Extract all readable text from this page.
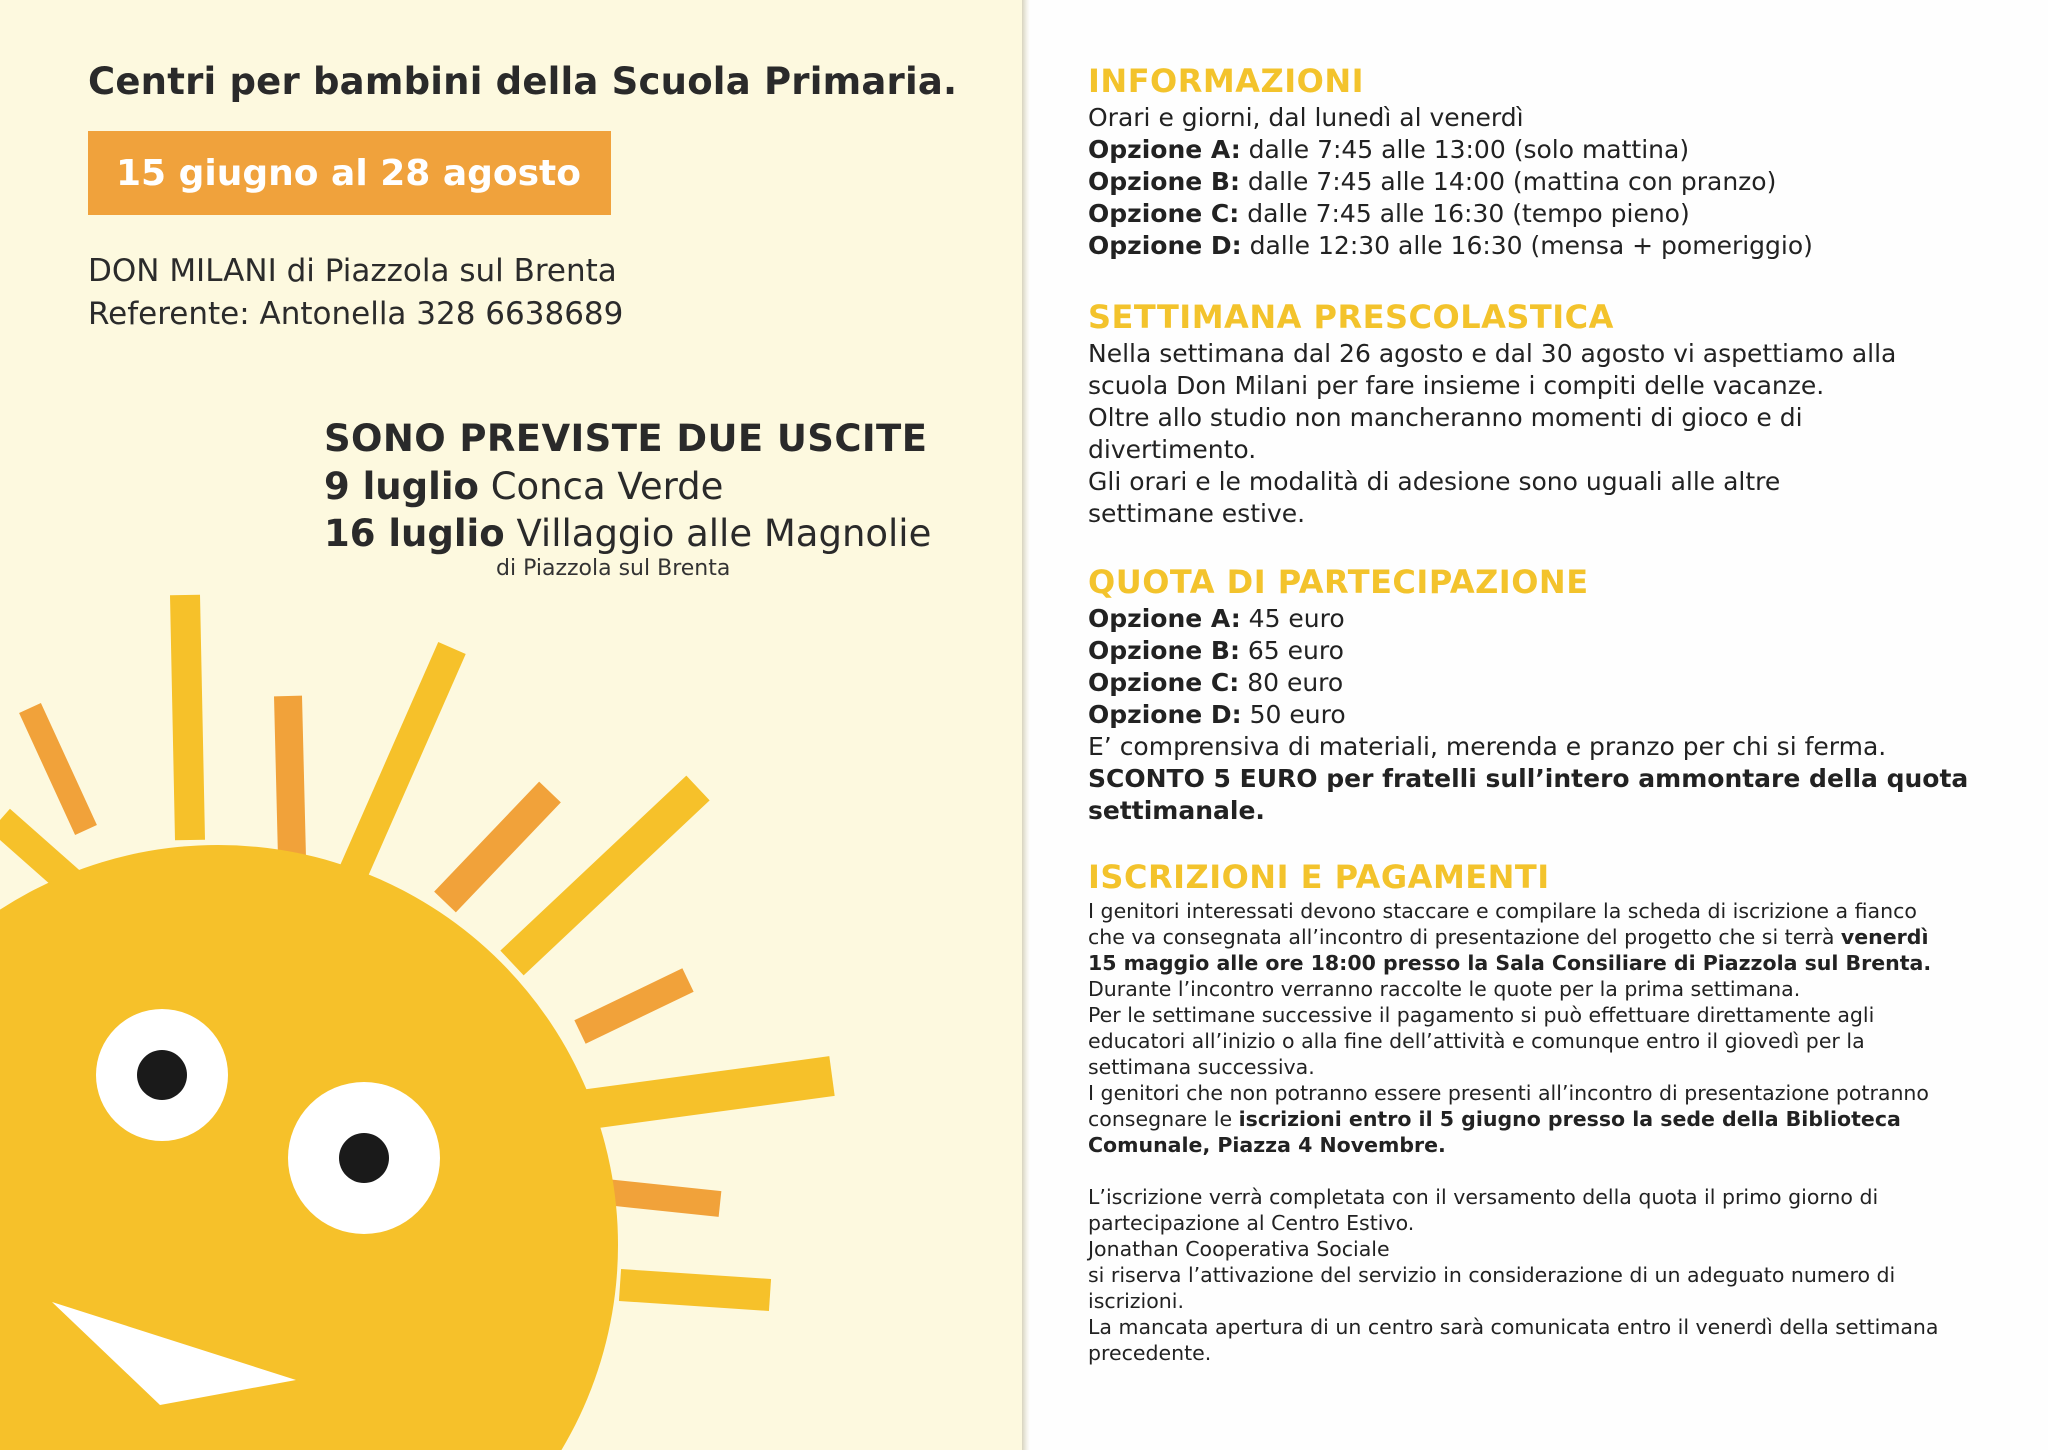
Centri per bambini della Scuola Primaria.
15 giugno al 28 agosto
DON MILANI di Piazzola sul Brenta
Referente: Antonella 328 6638689
SONO PREVISTE DUE USCITE
9 luglio Conca Verde
16 luglio Villaggio alle Magnolie
di Piazzola sul Brenta
INFORMAZIONI
Orari e giorni, dal lunedì al venerdì
Opzione A: dalle 7:45 alle 13:00 (solo mattina)
Opzione B: dalle 7:45 alle 14:00 (mattina con pranzo)
Opzione C: dalle 7:45 alle 16:30 (tempo pieno)
Opzione D: dalle 12:30 alle 16:30 (mensa + pomeriggio)
SETTIMANA PRESCOLASTICA
Nella settimana dal 26 agosto e dal 30 agosto vi aspettiamo alla
scuola Don Milani per fare insieme i compiti delle vacanze.
Oltre allo studio non mancheranno momenti di gioco e di
divertimento.
Gli orari e le modalità di adesione sono uguali alle altre
settimane estive.
QUOTA DI PARTECIPAZIONE
Opzione A: 45 euro
Opzione B: 65 euro
Opzione C: 80 euro
Opzione D: 50 euro
E’ comprensiva di materiali, merenda e pranzo per chi si ferma.
SCONTO 5 EURO per fratelli sull’intero ammontare della quota
settimanale.
ISCRIZIONI E PAGAMENTI
I genitori interessati devono staccare e compilare la scheda di iscrizione a fianco
che va consegnata all’incontro di presentazione del progetto che si terrà venerdì
15 maggio alle ore 18:00 presso la Sala Consiliare di Piazzola sul Brenta.
Durante l’incontro verranno raccolte le quote per la prima settimana.
Per le settimane successive il pagamento si può effettuare direttamente agli
educatori all’inizio o alla fine dell’attività e comunque entro il giovedì per la
settimana successiva.
I genitori che non potranno essere presenti all’incontro di presentazione potranno
consegnare le iscrizioni entro il 5 giugno presso la sede della Biblioteca
Comunale, Piazza 4 Novembre.
L’iscrizione verrà completata con il versamento della quota il primo giorno di
partecipazione al Centro Estivo.
Jonathan Cooperativa Sociale
si riserva l’attivazione del servizio in considerazione di un adeguato numero di
iscrizioni.
La mancata apertura di un centro sarà comunicata entro il venerdì della settimana
precedente.
